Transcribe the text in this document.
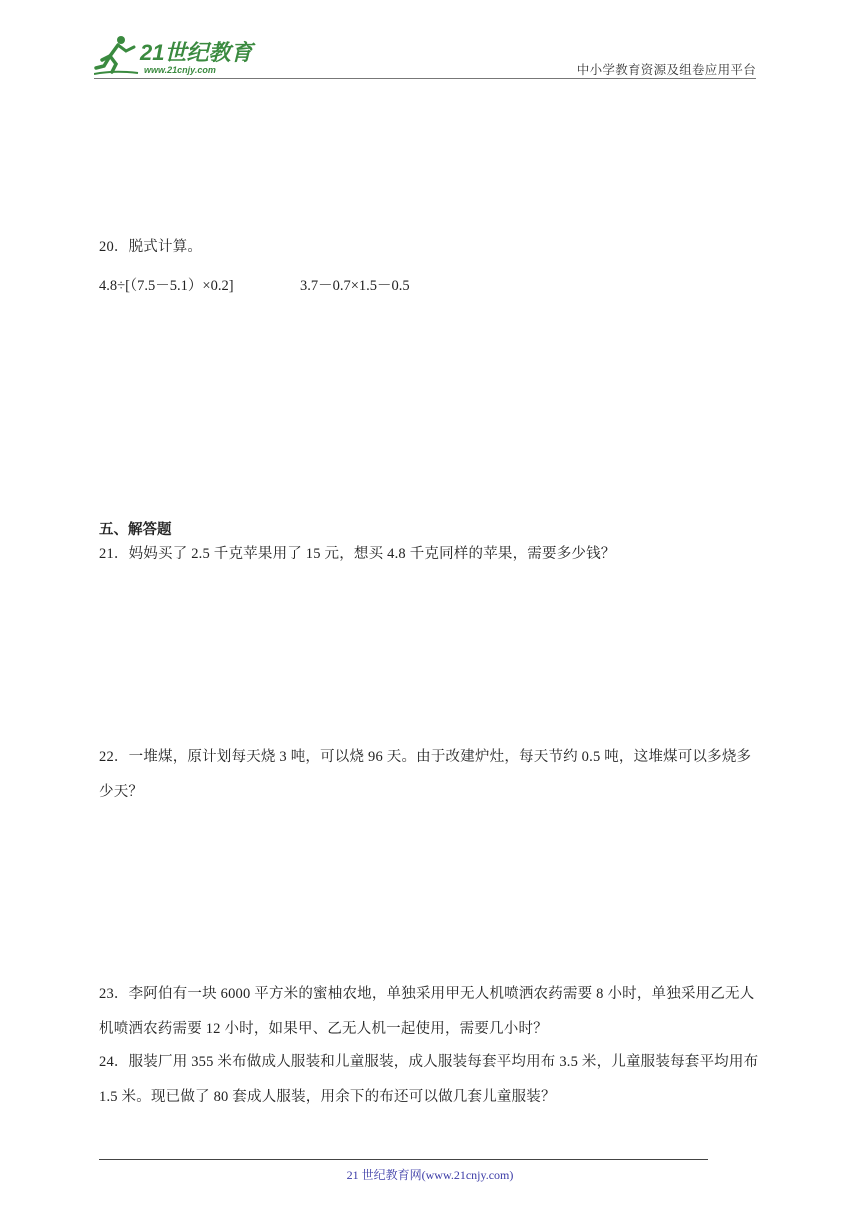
21世纪教育
www.21cnjy.com	中小学教育资源及组卷应用平台
20．脱式计算。
4.8÷[（7.5－5.1）×0.2]	3.7－0.7×1.5－0.5
五、解答题
21．妈妈买了 2.5 千克苹果用了 15 元，想买 4.8 千克同样的苹果，需要多少钱？
22．一堆煤，原计划每天烧 3 吨，可以烧 96 天。由于改建炉灶，每天节约 0.5 吨，这堆煤可以多烧多少天？
23．李阿伯有一块 6000 平方米的蜜柚农地，单独采用甲无人机喷洒农药需要 8 小时，单独采用乙无人机喷洒农药需要 12 小时，如果甲、乙无人机一起使用，需要几小时？
24．服装厂用 355 米布做成人服装和儿童服装，成人服装每套平均用布 3.5 米，儿童服装每套平均用布 1.5 米。现已做了 80 套成人服装，用余下的布还可以做几套儿童服装？
21 世纪教育网(www.21cnjy.com)
